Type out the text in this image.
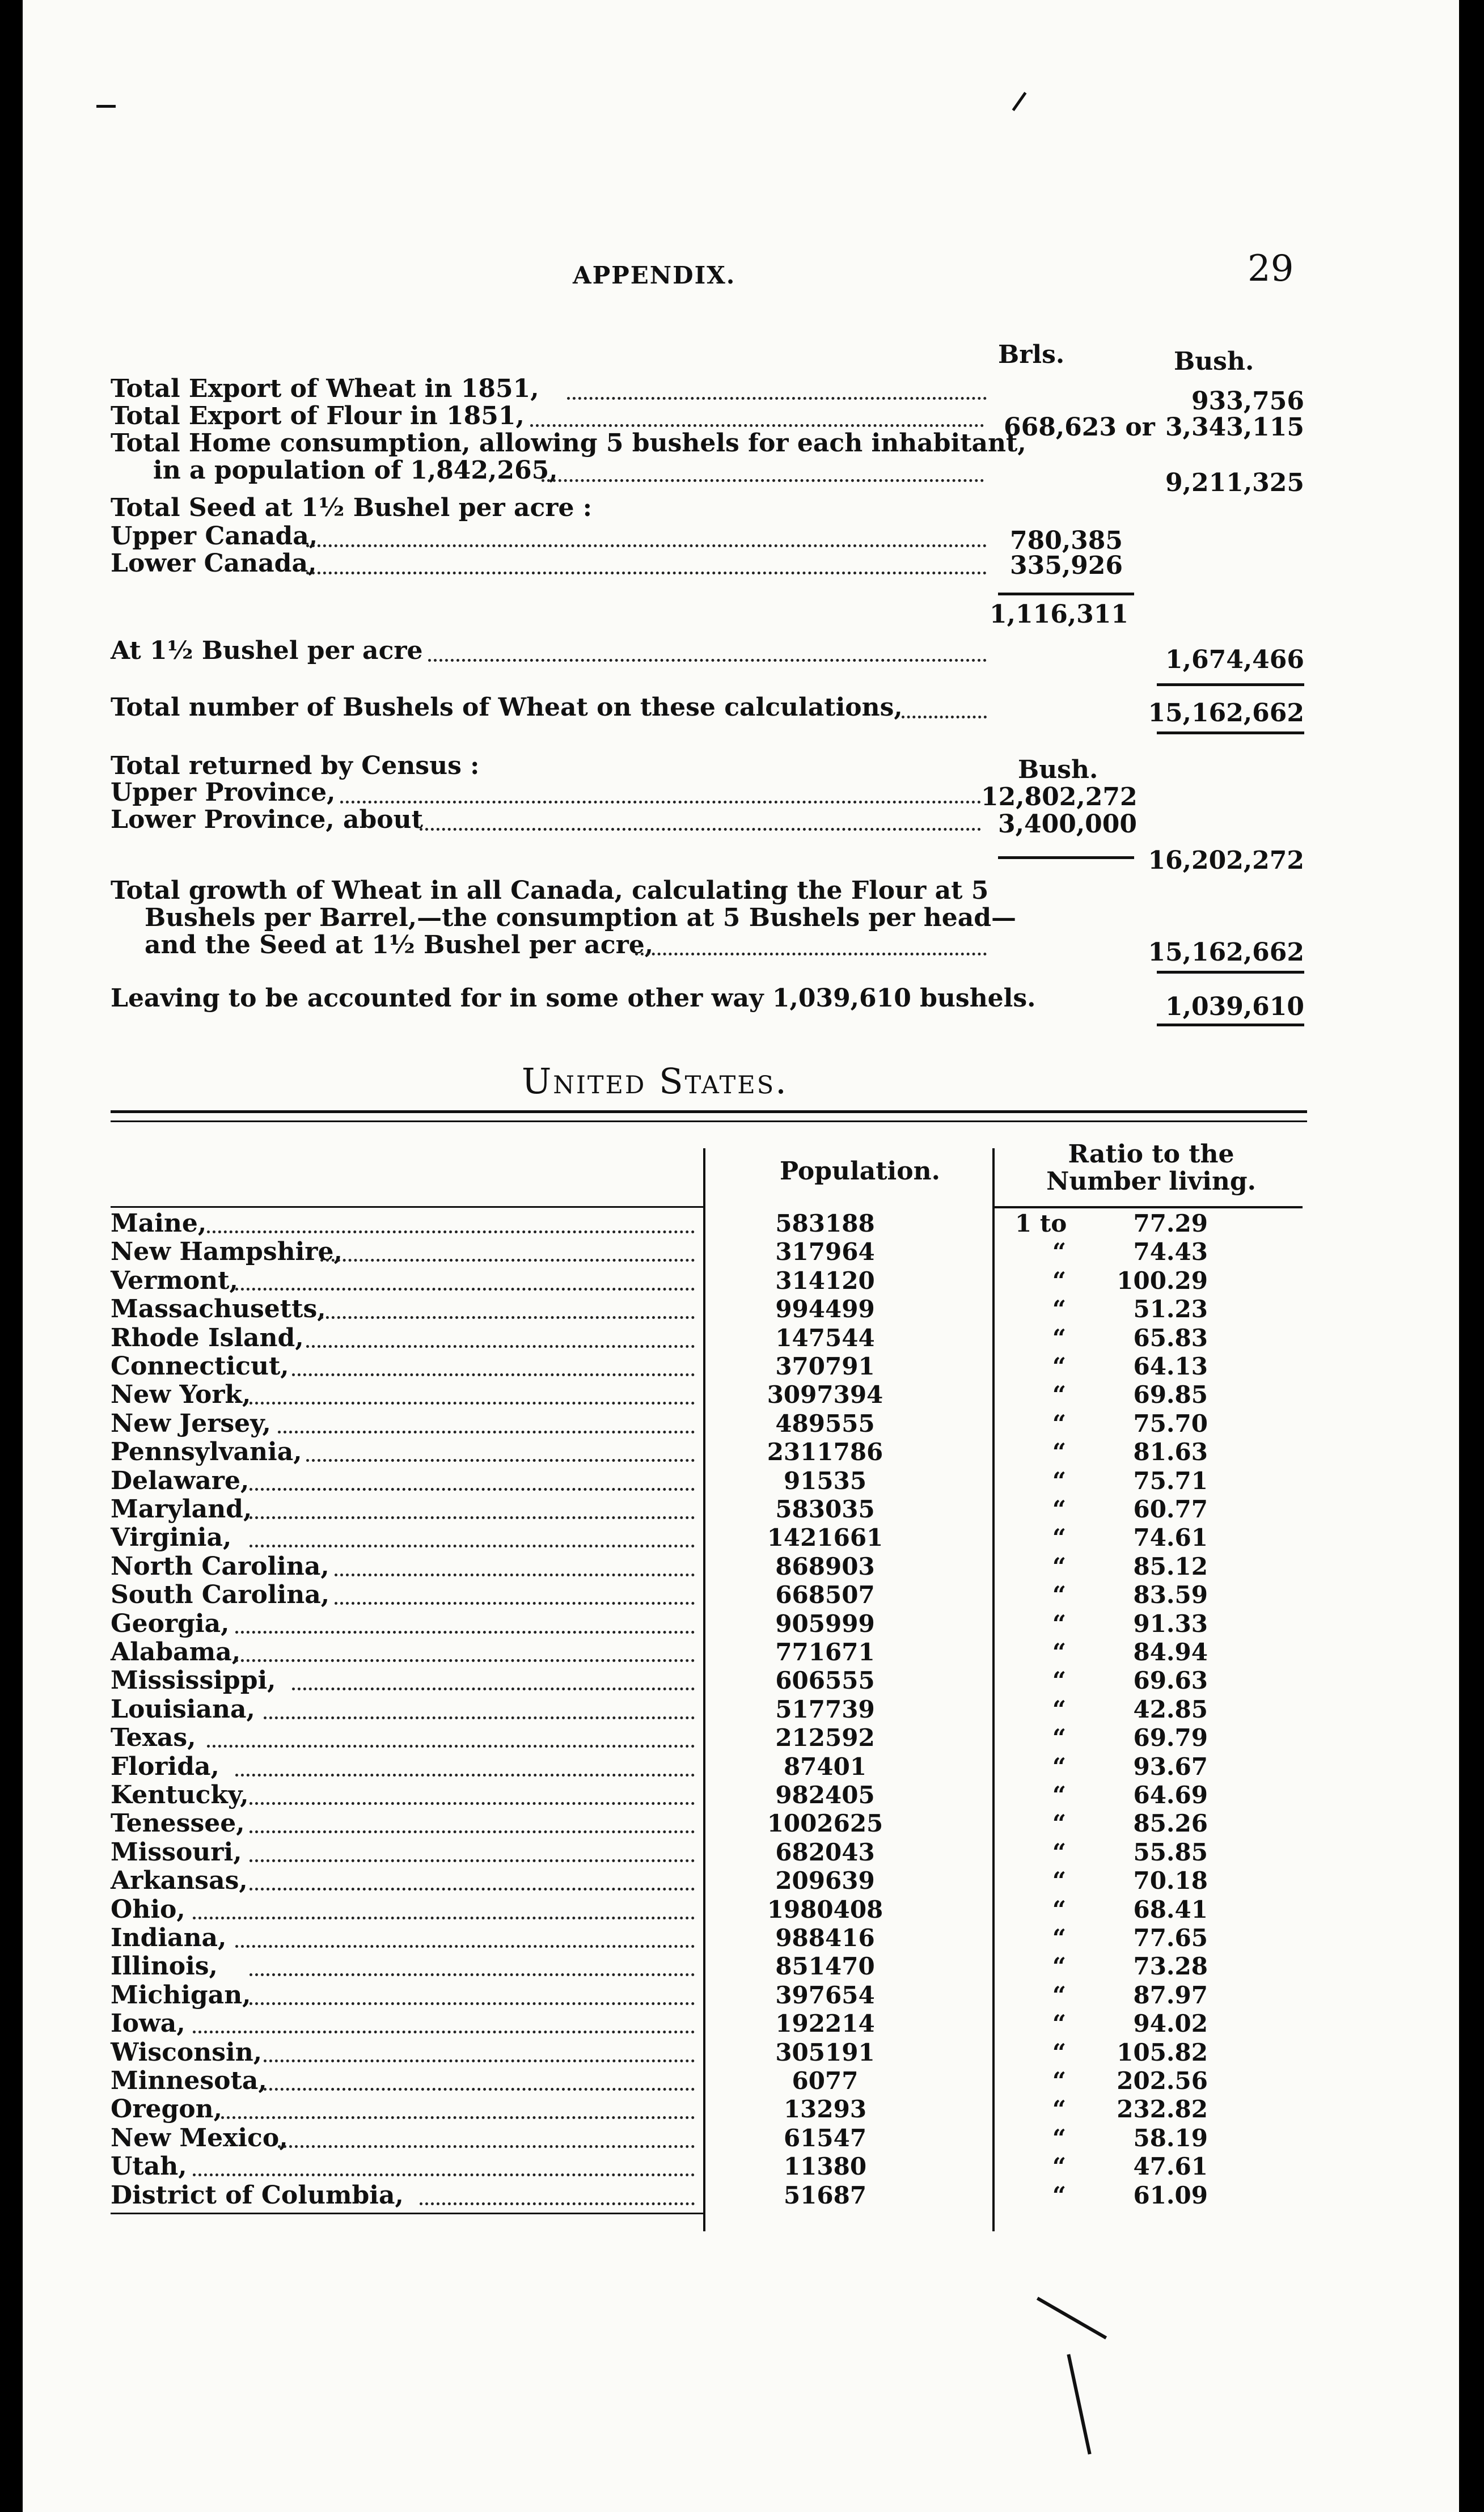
APPENDIX.	29
Brls.	Bush.
Total Export of Wheat in 1851,	933,756
Total Export of Flour in 1851,	668,623 or 3,343,115
Total Home consumption, allowing 5 bushels for each inhabitant,
in a population of 1,842,265,	9,211,325
Total Seed at 1½ Bushel per acre :
Upper Canada,	780,385
Lower Canada,	335,926
1,116,311
At 1½ Bushel per acre	1,674,466
Total number of Bushels of Wheat on these calculations,	15,162,662
Total returned by Census :	Bush.
Upper Province,	12,802,272
Lower Province, about	3,400,000
16,202,272
Total growth of Wheat in all Canada, calculating the Flour at 5
Bushels per Barrel,—the consumption at 5 Bushels per head—
and the Seed at 1½ Bushel per acre,	15,162,662
Leaving to be accounted for in some other way 1,039,610 bushels.	1,039,610
United States.
Population.
Ratio to the
Number living.
Maine,	583188	1 to	77.29
New Hampshire,	317964	“	74.43
Vermont,	314120	“	100.29
Massachusetts,	994499	“	51.23
Rhode Island,	147544	“	65.83
Connecticut,	370791	“	64.13
New York,	3097394	“	69.85
New Jersey,	489555	“	75.70
Pennsylvania,	2311786	“	81.63
Delaware,	91535	“	75.71
Maryland,	583035	“	60.77
Virginia,	1421661	“	74.61
North Carolina,	868903	“	85.12
South Carolina,	668507	“	83.59
Georgia,	905999	“	91.33
Alabama,	771671	“	84.94
Mississippi,	606555	“	69.63
Louisiana,	517739	“	42.85
Texas,	212592	“	69.79
Florida,	87401	“	93.67
Kentucky,	982405	“	64.69
Tenessee,	1002625	“	85.26
Missouri,	682043	“	55.85
Arkansas,	209639	“	70.18
Ohio,	1980408	“	68.41
Indiana,	988416	“	77.65
Illinois,	851470	“	73.28
Michigan,	397654	“	87.97
Iowa,	192214	“	94.02
Wisconsin,	305191	“	105.82
Minnesota,	6077	“	202.56
Oregon,	13293	“	232.82
New Mexico,	61547	“	58.19
Utah,	11380	“	47.61
District of Columbia,	51687	“	61.09
